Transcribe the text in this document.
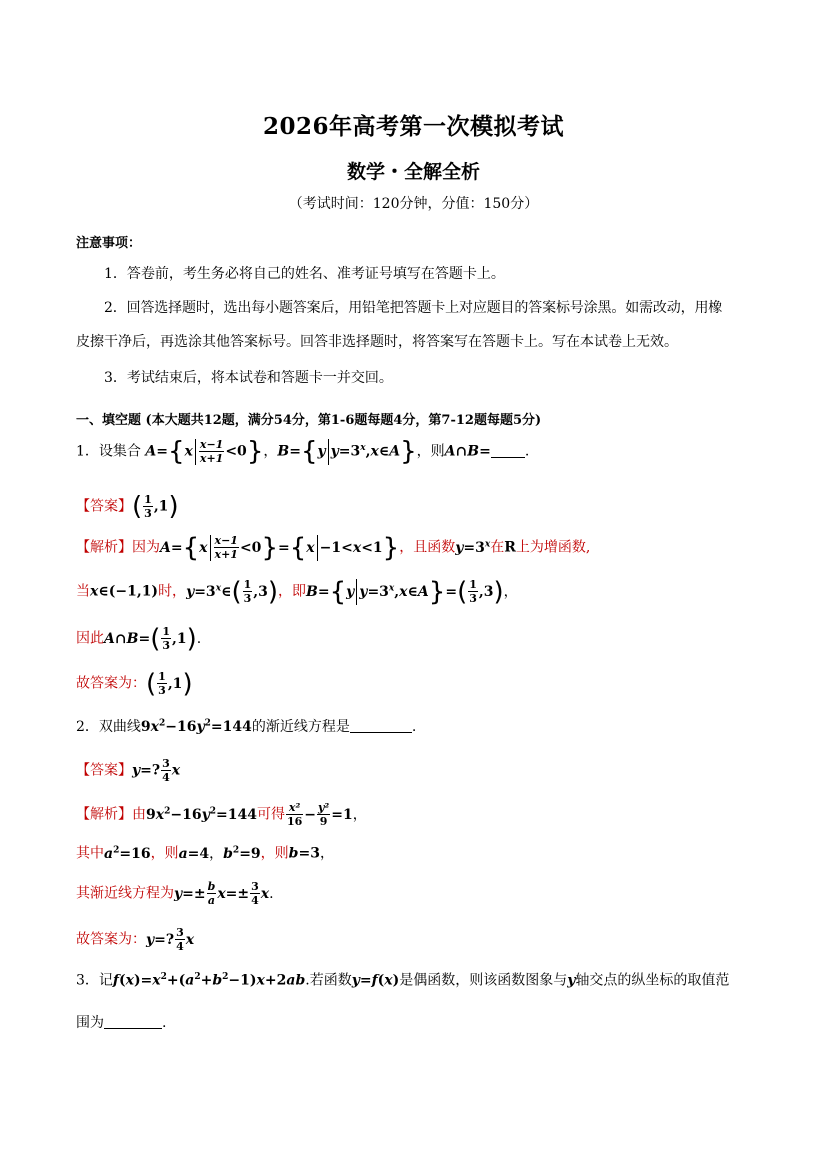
2026年高考第一次模拟考试
数学・全解全析
（考试时间：120分钟，分值：150分）
注意事项：
1．答卷前，考生务必将自己的姓名、准考证号填写在答题卡上。
2．回答选择题时，选出每小题答案后，用铅笔把答题卡上对应题目的答案标号涂黑。如需改动，用橡
皮擦干净后，再选涂其他答案标号。回答非选择题时，将答案写在答题卡上。写在本试卷上无效。
3．考试结束后，将本试卷和答题卡一并交回。
一、填空题 (本大题共12题，满分54分，第1-6题每题4分，第7-12题每题5分)
1．设集合 $A=\{x \frac{x-1}{x+1} <0\}$，B={y $y=3^x,x\in A$}，则A∩B= .
【答案】( $\frac{1}{3} ,1$)
【解析】因为$A=\{x \frac{x-1}{x+1} <0\}=\{x -1<x<1\}$，且函数$y=3^x$在R上为增函数,
当x∈(−1,1)时，$y=3^x\in( \frac{1}{3} ,3)$，即B={y $y=3^x,x\in A\}=( \frac{1}{3} ,3)$，
因此A∩B=( $\frac{1}{3} ,1$).
故答案为：( $\frac{1}{3} ,1$)
2．双曲线$9x^2-16y^2=144$的渐近线方程是	.
【答案】y=? $\frac{3}{4}$ x
【解析】由$9x^2-16y^2=144$可得 $\frac{\text{x²}}{16} - \frac{\text{y²}}{9} =1$，
其中$a^2=16$，则a=4，$b^2=9$，则b=3，
其渐近线方程为$y=\pm \frac{b}{a} x=\pm \frac{3}{4} x$.
故答案为：y=? $\frac{3}{4}$ x
3．记$f(x)=x^2+(a^2+b^2-1)x+2ab$.若函数y=f(x)是偶函数，则该函数图象与y轴交点的纵坐标的取值范
围为	.
